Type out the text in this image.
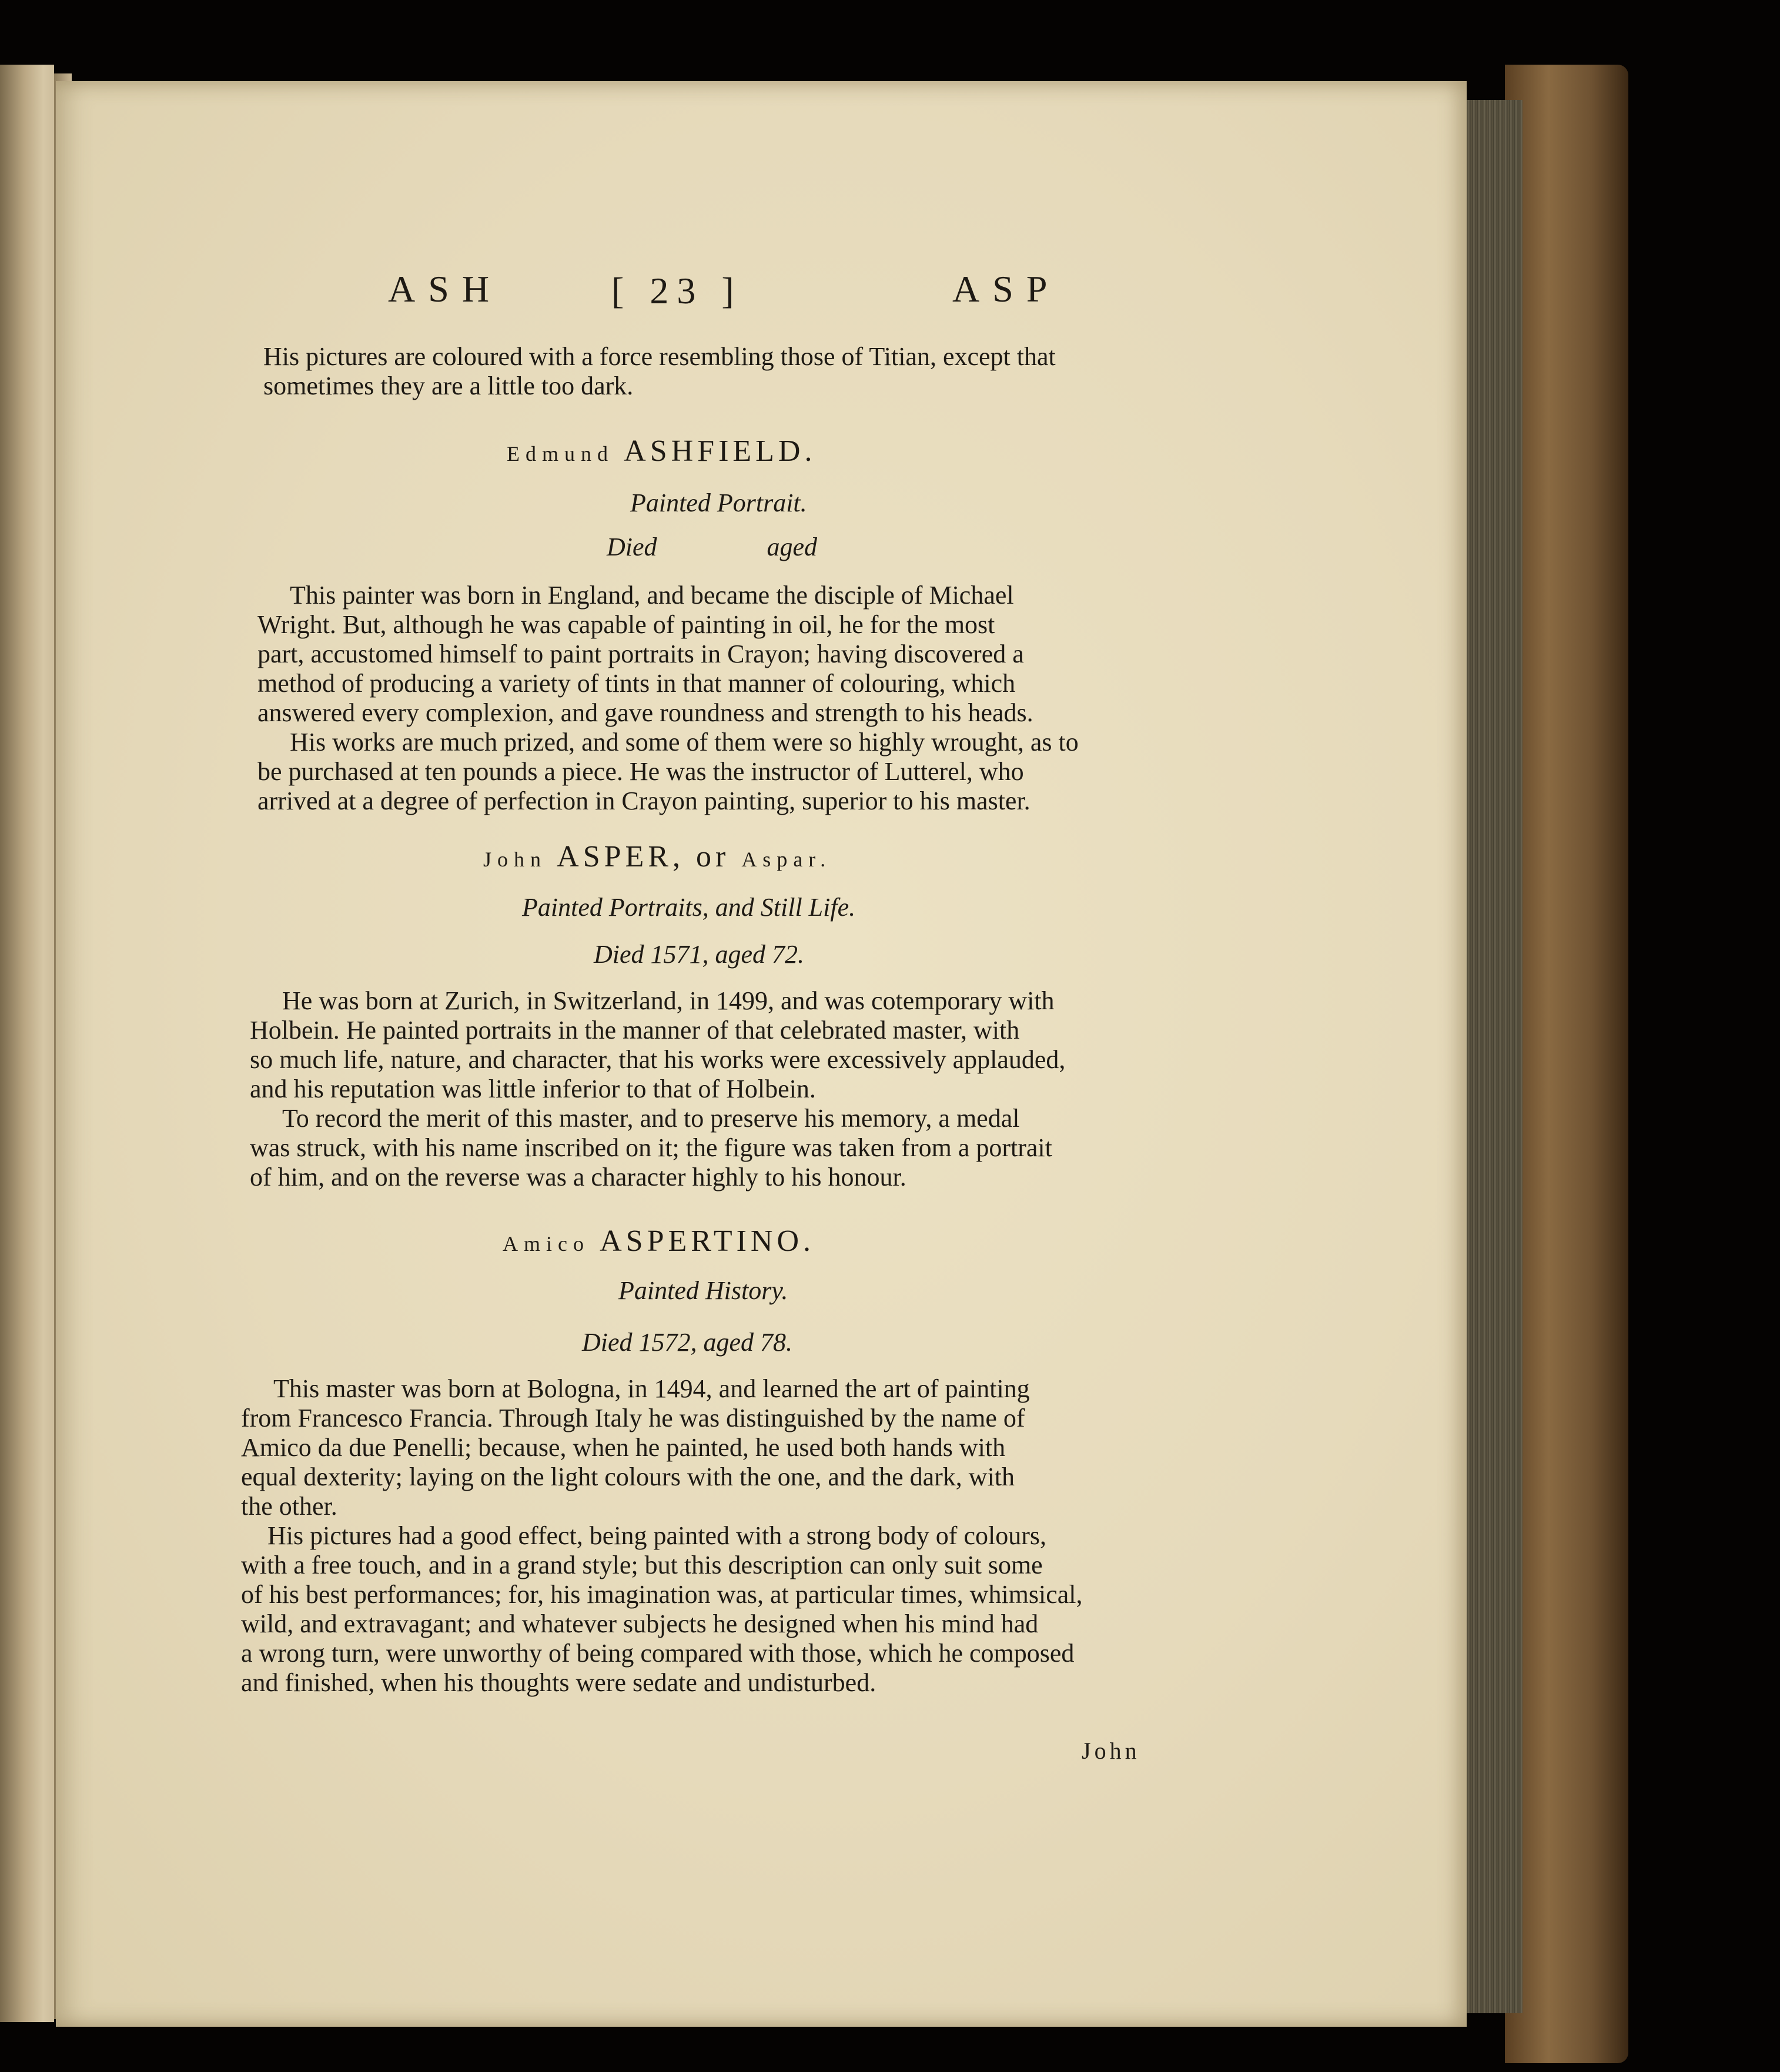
ASH	[ 23 ]	ASP
His pictures are coloured with a force resembling those of Titian, except that
sometimes they are a little too dark.
Edmund ASHFIELD.
Painted Portrait.
Died                 aged
This painter was born in England, and became the disciple of Michael
Wright. But, although he was capable of painting in oil, he for the most
part, accustomed himself to paint portraits in Crayon; having discovered a
method of producing a variety of tints in that manner of colouring, which
answered every complexion, and gave roundness and strength to his heads.
His works are much prized, and some of them were so highly wrought, as to
be purchased at ten pounds a piece. He was the instructor of Lutterel, who
arrived at a degree of perfection in Crayon painting, superior to his master.
John ASPER, or Aspar.
Painted Portraits, and Still Life.
Died 1571, aged 72.
He was born at Zurich, in Switzerland, in 1499, and was cotemporary with
Holbein. He painted portraits in the manner of that celebrated master, with
so much life, nature, and character, that his works were excessively applauded,
and his reputation was little inferior to that of Holbein.
To record the merit of this master, and to preserve his memory, a medal
was struck, with his name inscribed on it; the figure was taken from a portrait
of him, and on the reverse was a character highly to his honour.
Amico ASPERTINO.
Painted History.
Died 1572, aged 78.
This master was born at Bologna, in 1494, and learned the art of painting
from Francesco Francia. Through Italy he was distinguished by the name of
Amico da due Penelli; because, when he painted, he used both hands with
equal dexterity; laying on the light colours with the one, and the dark, with
the other.
His pictures had a good effect, being painted with a strong body of colours,
with a free touch, and in a grand style; but this description can only suit some
of his best performances; for, his imagination was, at particular times, whimsical,
wild, and extravagant; and whatever subjects he designed when his mind had
a wrong turn, were unworthy of being compared with those, which he composed
and finished, when his thoughts were sedate and undisturbed.
John
